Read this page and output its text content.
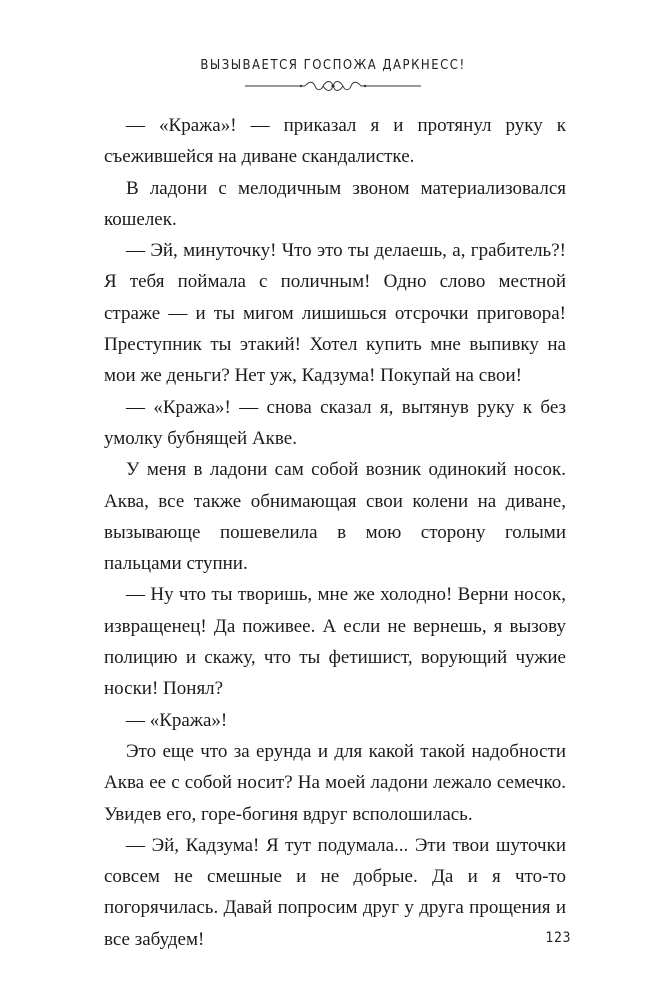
ВЫЗЫВАЕТСЯ ГОСПОЖА ДАРКНЕСС!

— «Кража»! — приказал я и протянул руку к съежившейся на диване скандалистке.

В ладони с мелодичным звоном материализовался кошелек.

— Эй, минуточку! Что это ты делаешь, а, грабитель?! Я тебя поймала с поличным! Одно слово местной страже — и ты мигом лишишься отсрочки приговора! Преступник ты этакий! Хотел купить мне выпивку на мои же деньги? Нет уж, Кадзума! Покупай на свои!

— «Кража»! — снова сказал я, вытянув руку к без умолку бубнящей Акве.

У меня в ладони сам собой возник одинокий носок. Аква, все также обнимающая свои колени на диване, вызывающе пошевелила в мою сторону голыми пальцами ступни.

— Ну что ты творишь, мне же холодно! Верни носок, извращенец! Да поживее. А если не вернешь, я вызову полицию и скажу, что ты фетишист, ворующий чужие носки! Понял?

— «Кража»!

Это еще что за ерунда и для какой такой надобности Аква ее с собой носит? На моей ладони лежало семечко. Увидев его, горе-богиня вдруг всполошилась.

— Эй, Кадзума! Я тут подумала... Эти твои шуточки совсем не смешные и не добрые. Да и я что-то погорячилась. Давай попросим друг у друга прощения и все забудем!	123
